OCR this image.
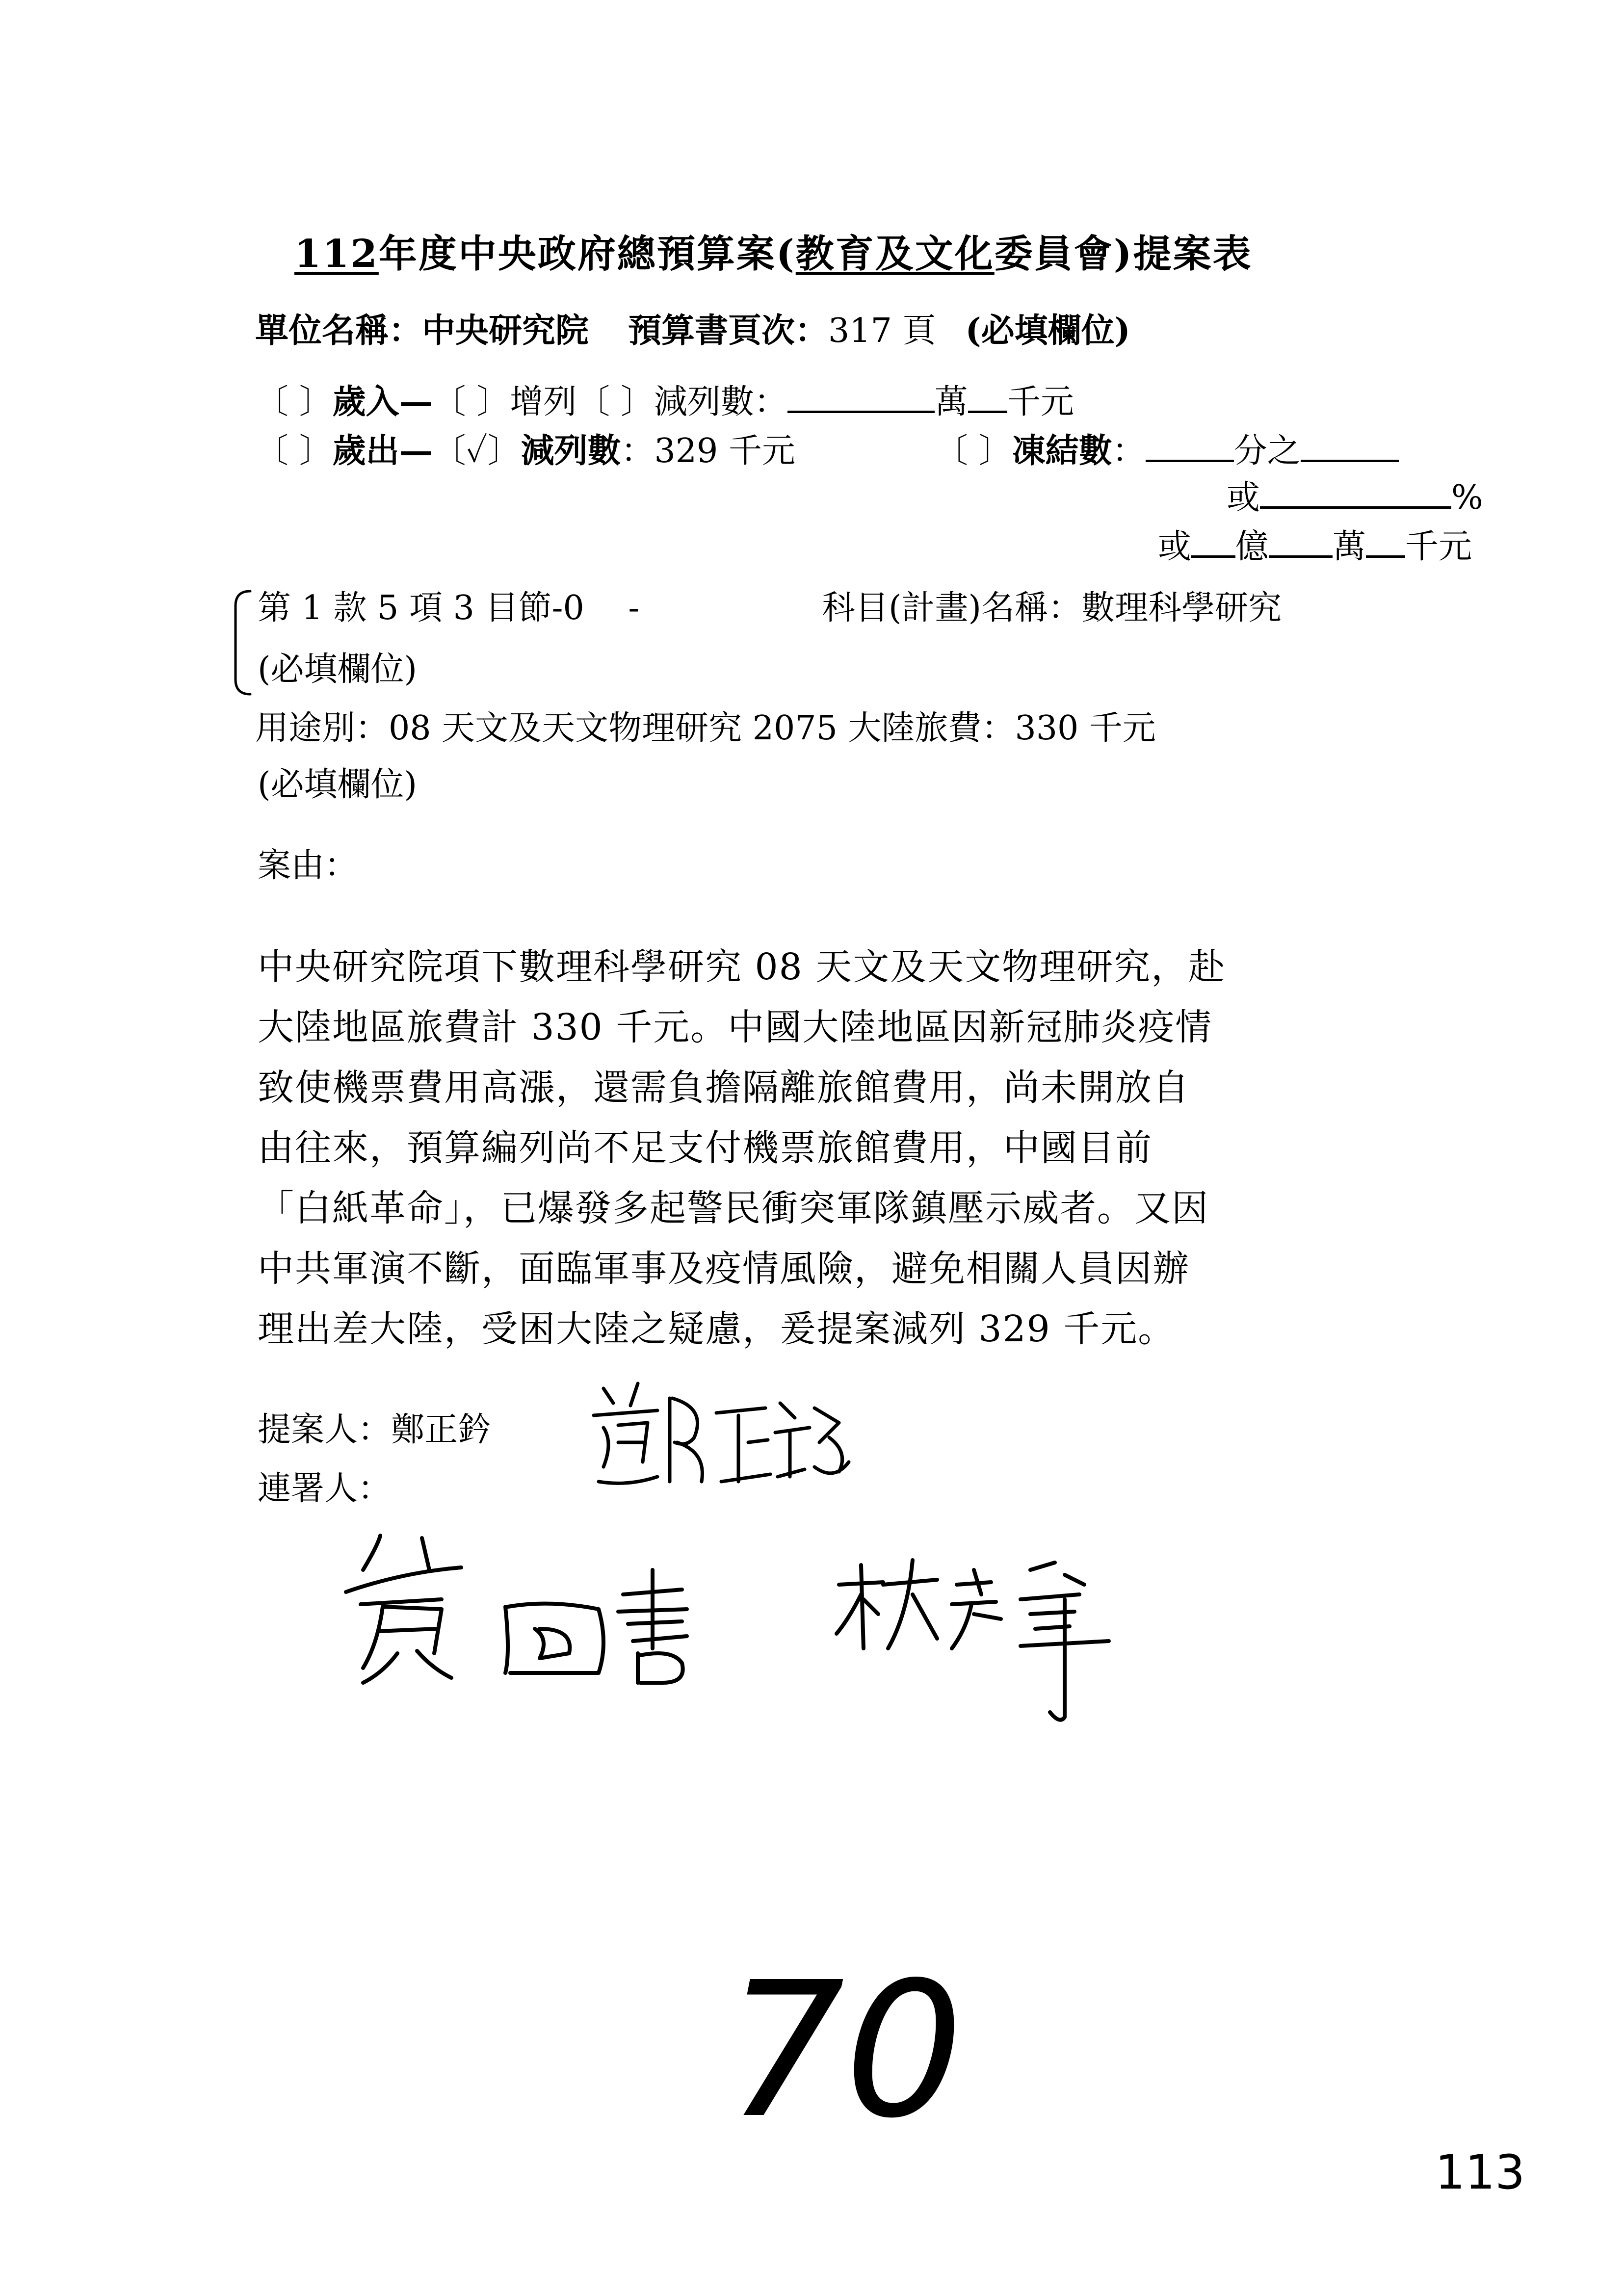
112年度中央政府總預算案(教育及文化委員會)提案表
單位名稱：中央研究院 預算書頁次：317 頁 (必填欄位)
〔 〕歲入—〔 〕增列〔 〕減列數：	萬 千元
〔 〕歲出—〔✓〕減列數：329 千元	〔 〕凍結數：	分之
或	%
或 億 萬 千元
第 1 款 5 項 3 目節-0　 -	科目(計畫)名稱：數理科學研究
(必填欄位)
用途別：08 天文及天文物理研究 2075 大陸旅費：330 千元
(必填欄位)
案由：
中央研究院項下數理科學研究 08 天文及天文物理研究，赴
大陸地區旅費計 330 千元。中國大陸地區因新冠肺炎疫情
致使機票費用高漲，還需負擔隔離旅館費用，尚未開放自
由往來，預算編列尚不足支付機票旅館費用，中國目前
「白紙革命」，已爆發多起警民衝突軍隊鎮壓示威者。又因
中共軍演不斷，面臨軍事及疫情風險，避免相關人員因辦
理出差大陸，受困大陸之疑慮，爰提案減列 329 千元。
提案人：鄭正鈐
連署人：
70
113
